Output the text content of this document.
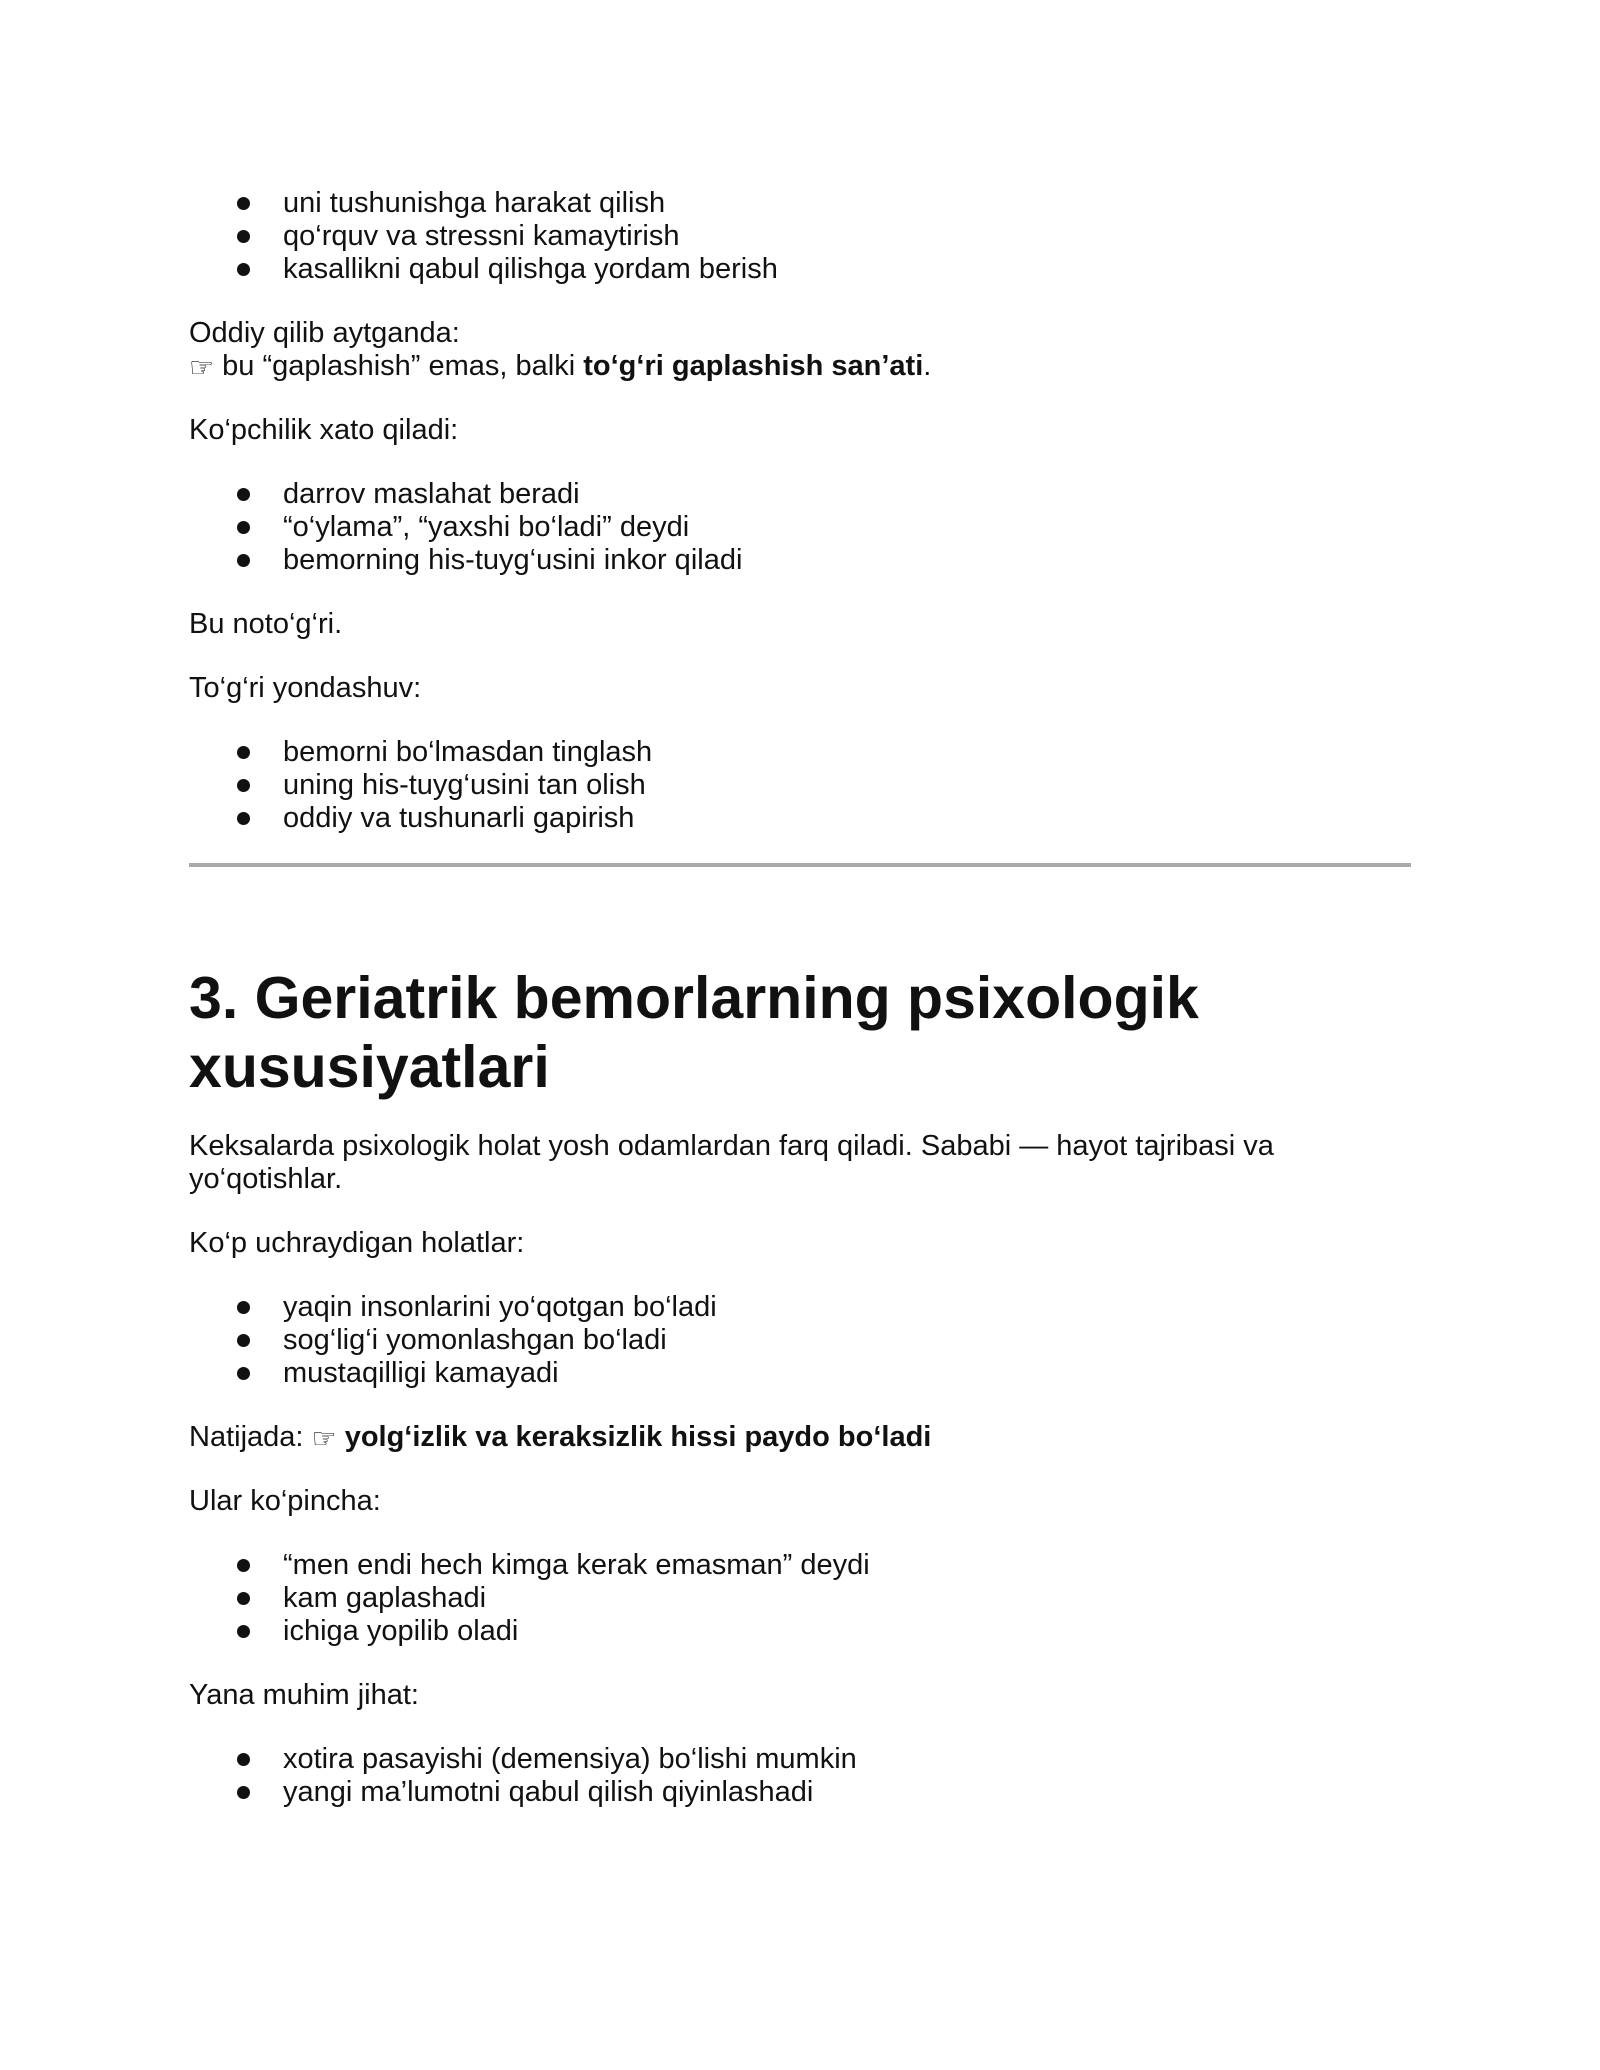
uni tushunishga harakat qilish
qo‘rquv va stressni kamaytirish
kasallikni qabul qilishga yordam berish

Oddiy qilib aytganda:

☞ bu “gaplashish” emas, balki to‘g‘ri gaplashish san’ati.

Ko‘pchilik xato qiladi:

darrov maslahat beradi
“o‘ylama”, “yaxshi bo‘ladi” deydi
bemorning his-tuyg‘usini inkor qiladi

Bu noto‘g‘ri.

To‘g‘ri yondashuv:

bemorni bo‘lmasdan tinglash
uning his-tuyg‘usini tan olish
oddiy va tushunarli gapirish
3. Geriatrik bemorlarning psixologik xususiyatlari

Keksalarda psixologik holat yosh odamlardan farq qiladi. Sababi — hayot tajribasi va yo‘qotishlar.

Ko‘p uchraydigan holatlar:

yaqin insonlarini yo‘qotgan bo‘ladi
sog‘lig‘i yomonlashgan bo‘ladi
mustaqilligi kamayadi

Natijada: ☞ yolg‘izlik va keraksizlik hissi paydo bo‘ladi

Ular ko‘pincha:

“men endi hech kimga kerak emasman” deydi
kam gaplashadi
ichiga yopilib oladi

Yana muhim jihat:

xotira pasayishi (demensiya) bo‘lishi mumkin
yangi ma’lumotni qabul qilish qiyinlashadi
